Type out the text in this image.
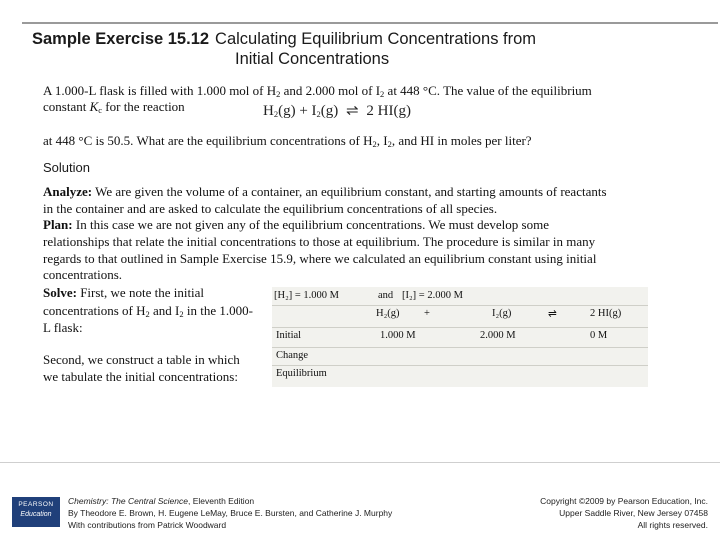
Sample Exercise 15.12 Calculating Equilibrium Concentrations from
Initial Concentrations
A 1.000-L flask is filled with 1.000 mol of $H_2$ and 2.000 mol of $I_2$ at 448 °C. The value of the equilibrium
constant $K_c$ for the reaction	$H_2(g) + I_2(g)$ ⇌ 2 HI(g)
at 448 °C is 50.5. What are the equilibrium concentrations of $H_2$, $I_2$, and HI in moles per liter?
Solution
Analyze: We are given the volume of a container, an equilibrium constant, and starting amounts of reactants
in the container and are asked to calculate the equilibrium concentrations of all species.
Plan: In this case we are not given any of the equilibrium concentrations. We must develop some
relationships that relate the initial concentrations to those at equilibrium. The procedure is similar in many
regards to that outlined in Sample Exercise 15.9, where we calculated an equilibrium constant using initial
concentrations.
Solve: First, we note the initial
concentrations of $H_2$ and $I_2$ in the 1.000-
L flask:
Second, we construct a table in which
we tabulate the initial concentrations:
[H₂] = 1.000 M	and [I₂] = 2.000 M
H₂(g) +	I₂(g)	⇌	2 HI(g)
Initial	1.000 M	2.000 M	0 M
Change
Equilibrium
PEARSON
Education
Chemistry: The Central Science, Eleventh Edition
By Theodore E. Brown, H. Eugene LeMay, Bruce E. Bursten, and Catherine J. Murphy
With contributions from Patrick Woodward
Copyright ©2009 by Pearson Education, Inc.
Upper Saddle River, New Jersey 07458
All rights reserved.
